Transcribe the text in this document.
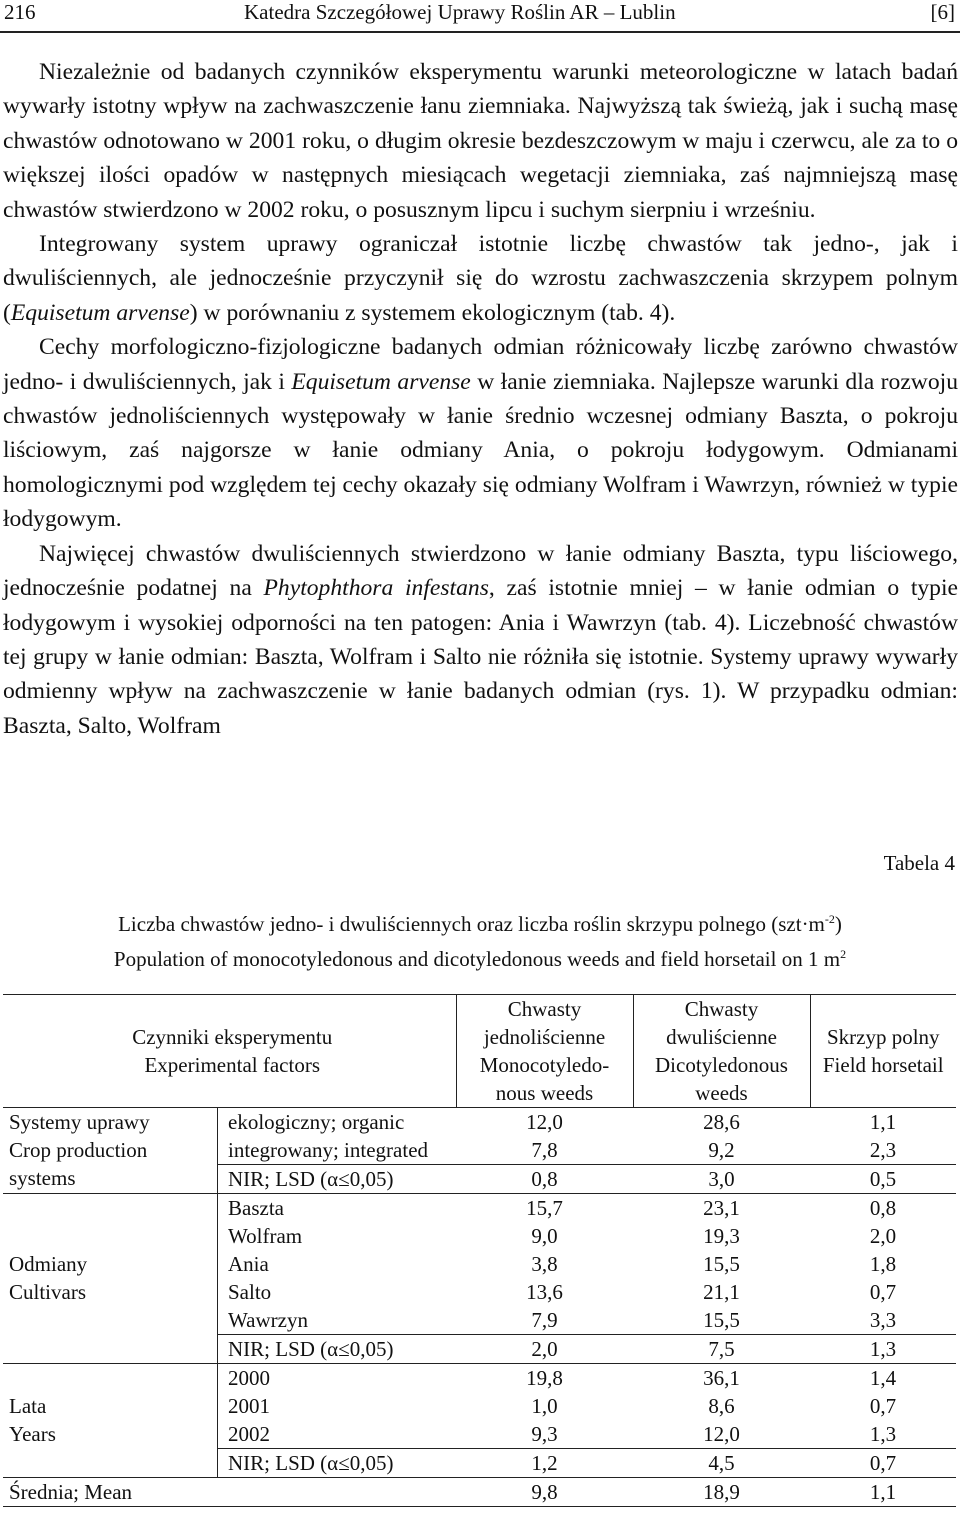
216	Katedra Szczegółowej Uprawy Roślin AR – Lublin	[6]

Niezależnie od badanych czynników eksperymentu warunki meteorologiczne w latach badań wywarły istotny wpływ na zachwaszczenie łanu ziemniaka. Najwyższą tak świeżą, jak i suchą masę chwastów odnotowano w 2001 roku, o długim okresie bezdeszczowym w maju i czerwcu, ale za to o większej ilości opadów w następnych miesiącach wegetacji ziemniaka, zaś najmniejszą masę chwastów stwierdzono w 2002 roku, o posusznym lipcu i suchym sierpniu i wrześniu.

Integrowany system uprawy ograniczał istotnie liczbę chwastów tak jedno-, jak i dwuliściennych, ale jednocześnie przyczynił się do wzrostu zachwaszczenia skrzypem polnym (Equisetum arvense) w porównaniu z systemem ekologicznym (tab. 4).

Cechy morfologiczno-fizjologiczne badanych odmian różnicowały liczbę zarówno chwastów jedno- i dwuliściennych, jak i Equisetum arvense w łanie ziemniaka. Najlepsze warunki dla rozwoju chwastów jednoliściennych występowały w łanie średnio wczesnej odmiany Baszta, o pokroju liściowym, zaś najgorsze w łanie odmiany Ania, o pokroju łodygowym. Odmianami homologicznymi pod względem tej cechy okazały się odmiany Wolfram i Wawrzyn, również w typie łodygowym.

Najwięcej chwastów dwuliściennych stwierdzono w łanie odmiany Baszta, typu liściowego, jednocześnie podatnej na Phytophthora infestans, zaś istotnie mniej – w łanie odmian o typie łodygowym i wysokiej odporności na ten patogen: Ania i Wawrzyn (tab. 4). Liczebność chwastów tej grupy w łanie odmian: Baszta, Wolfram i Salto nie różniła się istotnie. Systemy uprawy wywarły odmienny wpływ na zachwaszczenie w łanie badanych odmian (rys. 1). W przypadku odmian: Baszta, Salto, Wolfram

Tabela 4
Liczba chwastów jedno- i dwuliściennych oraz liczba roślin skrzypu polnego $(szt\cdot m^{-2})$
Population of monocotyledonous and dicotyledonous weeds and field horsetail on 1 $m^2$
Czynniki eksperymentu
Experimental factors		Chwasty
jednoliścienne
Monocotyledo-
nous weeds	Chwasty
dwuliścienne
Dicotyledonous
weeds	Skrzyp polny
Field horsetail
Systemy uprawy
Crop production
systems	ekologiczny; organic	12,0	28,6	1,1
	integrowany; integrated	7,8	9,2	2,3
	NIR; LSD (α≤0,05)	0,8	3,0	0,5

Odmiany
Cultivars	Baszta	15,7	23,1	0,8
	Wolfram	9,0	19,3	2,0
	Ania	3,8	15,5	1,8
	Salto	13,6	21,1	0,7
	Wawrzyn	7,9	15,5	3,3
	NIR; LSD (α≤0,05)	2,0	7,5	1,3

Lata
Years	2000	19,8	36,1	1,4
	2001	1,0	8,6	0,7
	2002	9,3	12,0	1,3
	NIR; LSD (α≤0,05)	1,2	4,5	0,7
Średnia; Mean		9,8	18,9	1,1
